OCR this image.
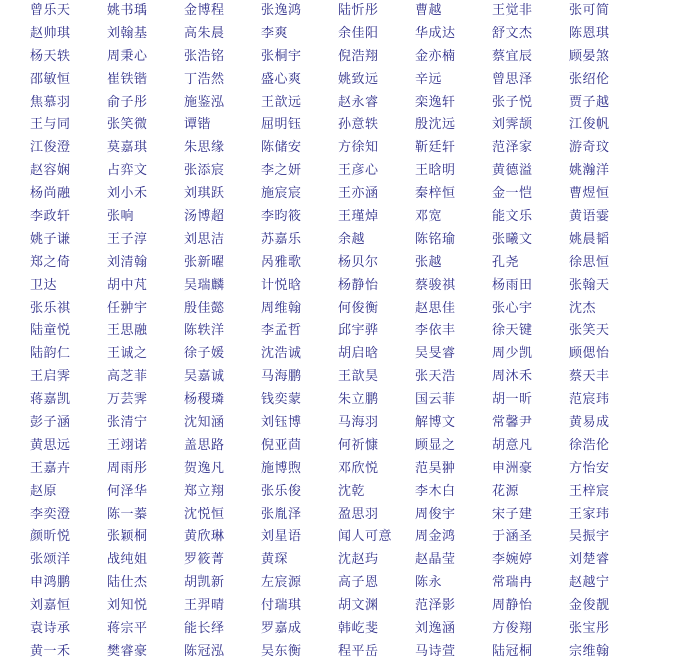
曾乐天	姚书瑀	金博程	张逸鸿	陆忻彤	曹越	王觉非	张可简
赵帅琪	刘翰基	高朱晨	李爽	余佳阳	华成达	舒文杰	陈恩琪
杨天轶	周秉心	张浩铭	张桐宇	倪浩翔	金亦楠	蔡宜辰	顾晏煞
邵敏恒	崔铁锴	丁浩然	盛心爽	姚致远	辛远	曾思泽	张绍伦
焦慕羽	俞子彤	施鉴泓	王歆远	赵永睿	栾逸轩	张子悦	贾子越
王与同	张笑微	谭锴	屈明钰	孙意轶	殷沈远	刘霁颉	江俊帆
江俊澄	莫嘉琪	朱思缘	陈储安	方徐知	靳廷轩	范泽家	游奇玟
赵容娴	占弈文	张添宸	李之妍	王彦心	王晗明	黄德溢	姚瀚洋
杨尚融	刘小禾	刘琪跃	施宸宸	王亦涵	秦梓恒	金一恺	曹煜恒
李政轩	张响	汤博超	李昀筱	王瑾焯	邓宽	能文乐	黄语霎
姚子谦	王子淳	刘思洁	苏嘉乐	余越	陈铭瑜	张曦文	姚晨韬
郑之倚	刘清翰	张新曜	呙雅歌	杨贝尔	张越	孔尧	徐思恒
卫达	胡中芃	吴瑞麟	计悦晗	杨静怡	蔡骏祺	杨雨田	张翰天
张乐祺	任翀宇	殷佳懿	周维翰	何俊衡	赵思佳	张心宇	沈杰
陆童悦	王思融	陈轶洋	李孟哲	邱宇骅	李依丰	徐天键	张笑天
陆韵仁	王诚之	徐子媛	沈浩诚	胡启晗	吴旻睿	周少凯	顾偲怡
王启霁	高芝菲	吴嘉诚	马海鹏	王歆昊	张天浩	周沐禾	蔡天丰
蒋嘉凯	万芸霁	杨稷璘	钱奕蒙	朱立鹏	国云菲	胡一昕	范宸玮
彭子涵	张清宁	沈知涵	刘钰博	马海羽	解博文	常馨尹	黄易成
黄思远	王翊诺	盖思路	倪亚茴	何祈慷	顾显之	胡意凡	徐浩伦
王嘉卉	周雨彤	贺逸凡	施博煦	邓欣悦	范昊翀	申洲豪	方怡安
赵原	何泽华	郑立翔	张乐俊	沈乾	李木白	花源	王梓宸
李奕澄	陈一蓁	沈悦恒	张胤泽	盈思羽	周俊宇	宋子建	王家玮
颜昕悦	张颖桐	黄欣琳	刘星语	闻人可意	周金鸿	于涵圣	吴振宇
张颂洋	战纯姐	罗筱菁	黄琛	沈赵玙	赵晶莹	李婉婷	刘楚睿
申鸿鹏	陆仕杰	胡凯新	左宸源	高子恩	陈永	常瑞冉	赵越宁
刘嘉恒	刘知悦	王羿晴	付瑞琪	胡文渊	范泽影	周静怡	金俊靓
袁诗承	蒋宗平	能长绎	罗嘉成	韩屹斐	刘逸涵	方俊翔	张宝彤
黄一禾	樊睿豪	陈冠泓	吴东衡	程平岳	马诗萱	陆冠桐	宗维翰
